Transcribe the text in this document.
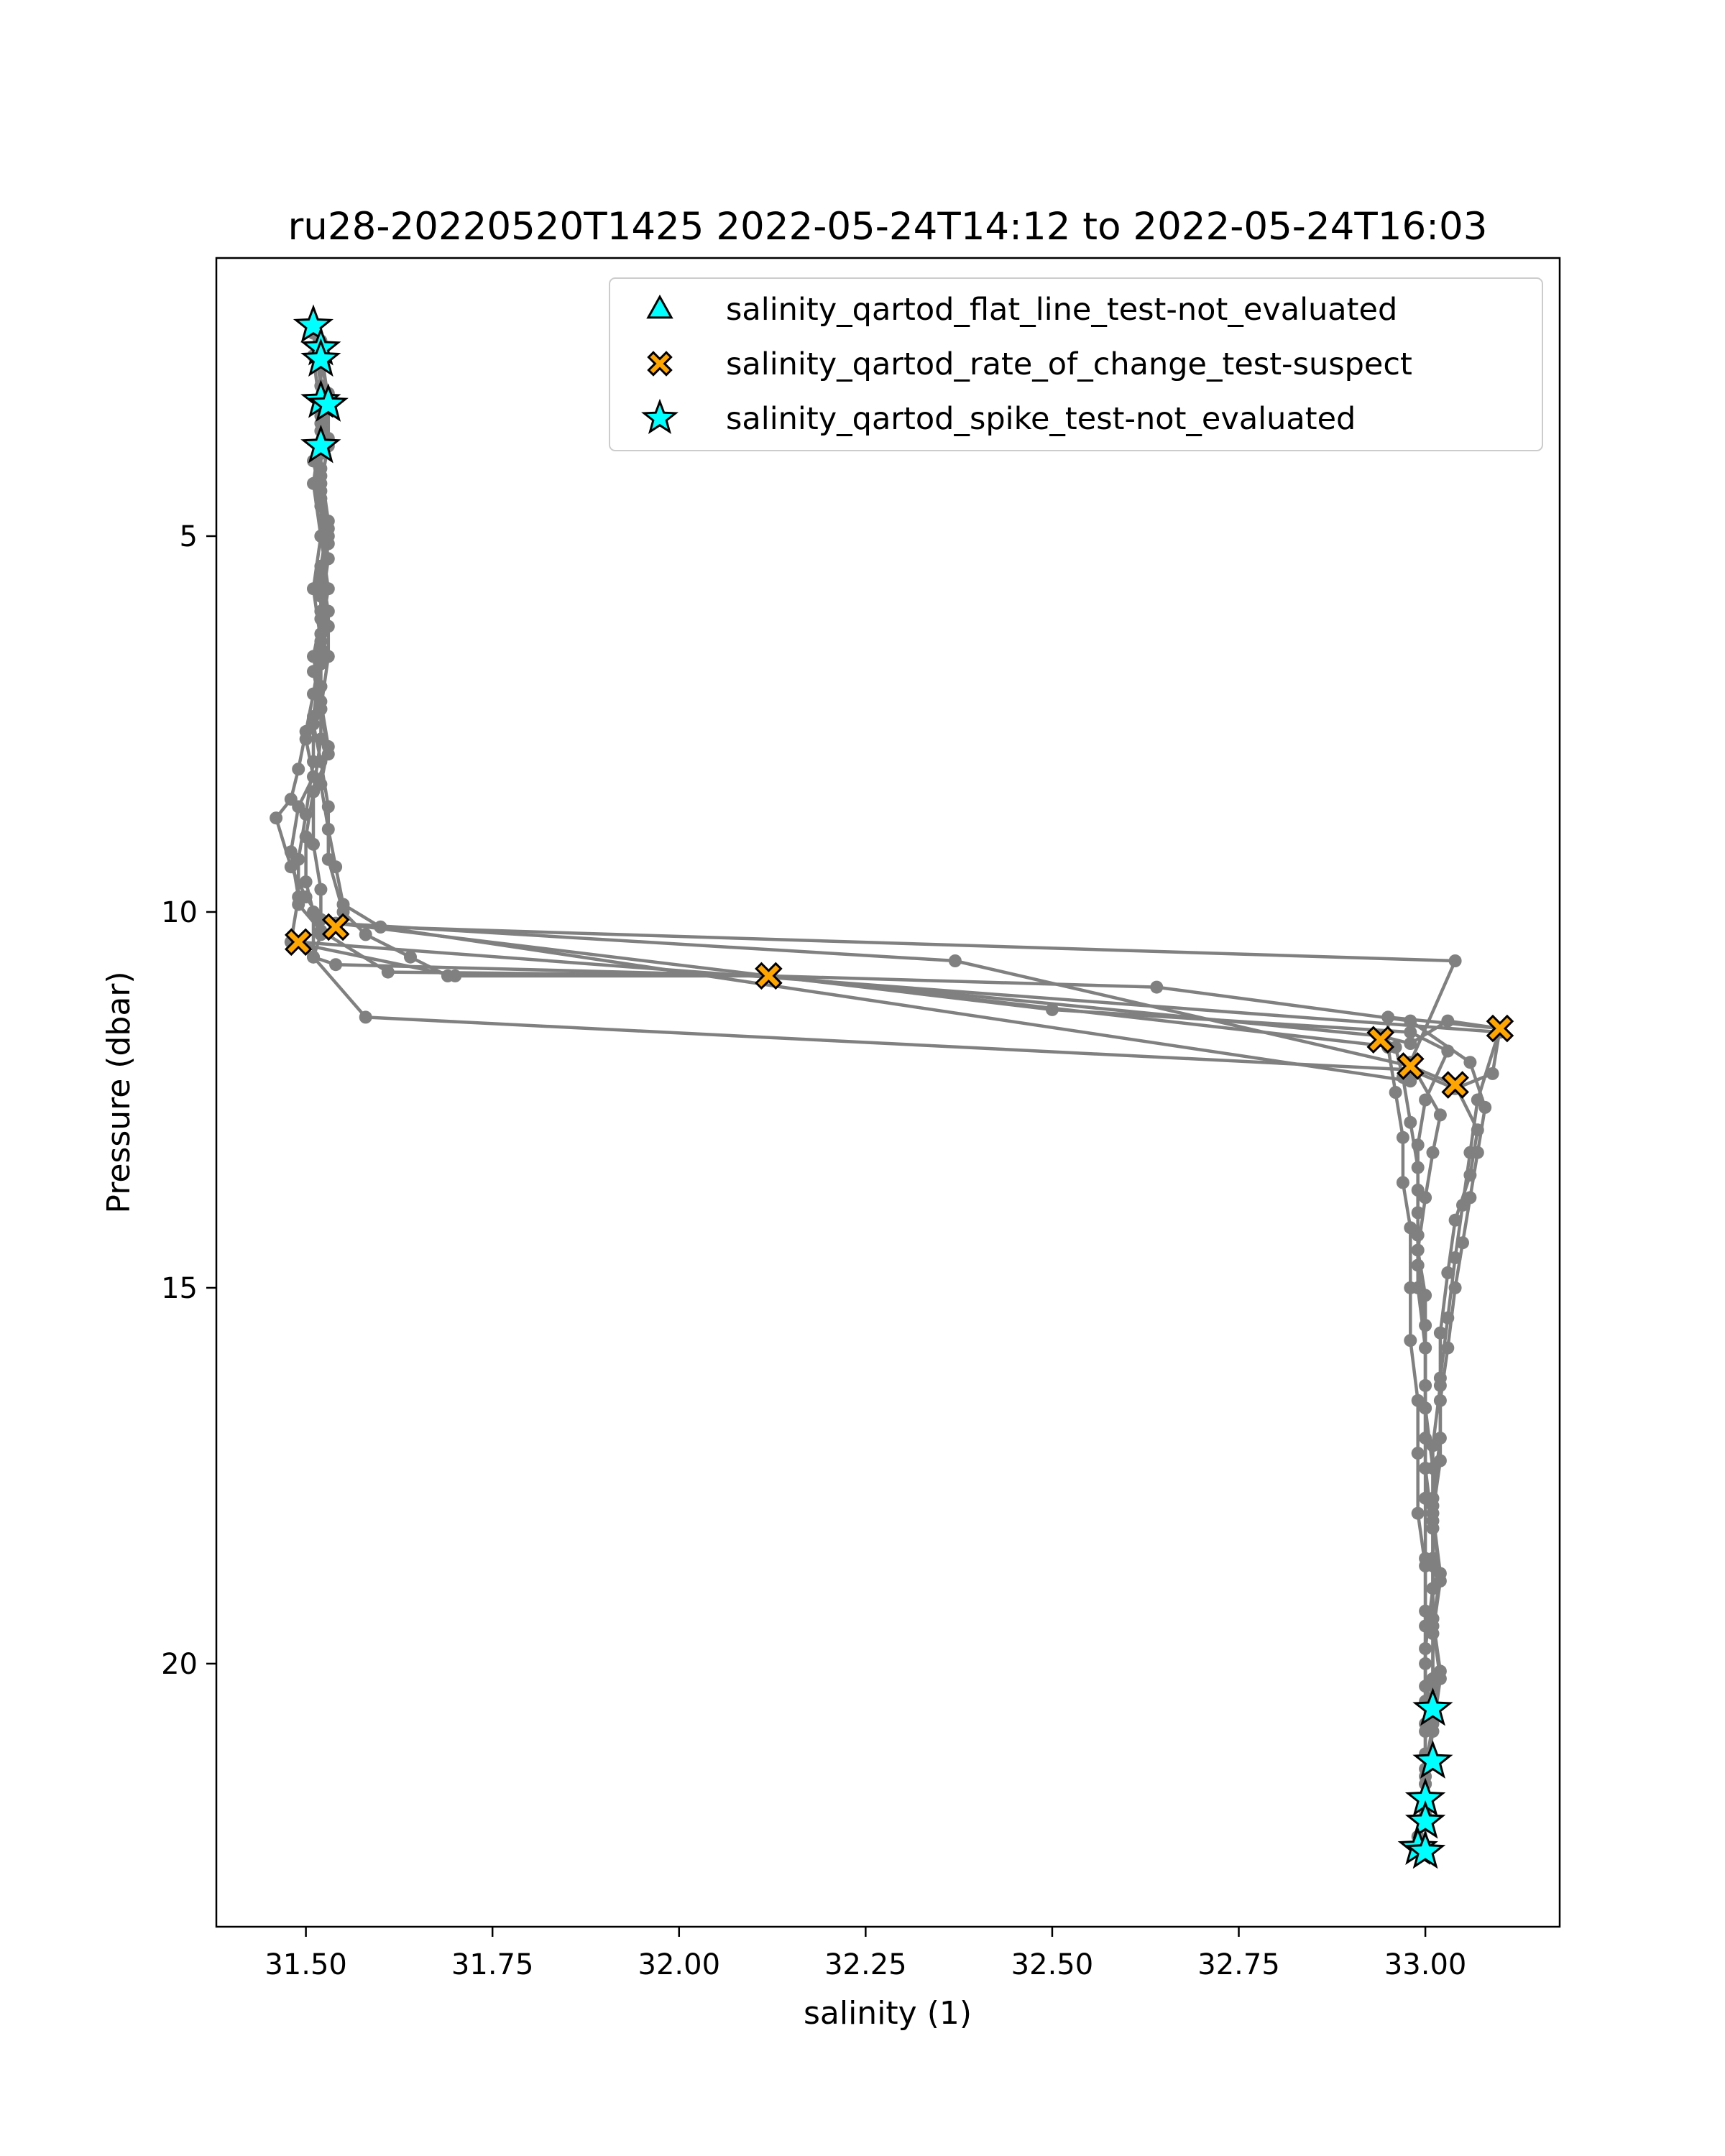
31.50	31.75	32.00	32.25	32.50	32.75	33.00
5
10
15
20
ru28-20220520T1425 2022-05-24T14:12 to 2022-05-24T16:03
salinity (1)
Pressure (dbar)
salinity_qartod_flat_line_test-not_evaluated
salinity_qartod_rate_of_change_test-suspect
salinity_qartod_spike_test-not_evaluated
